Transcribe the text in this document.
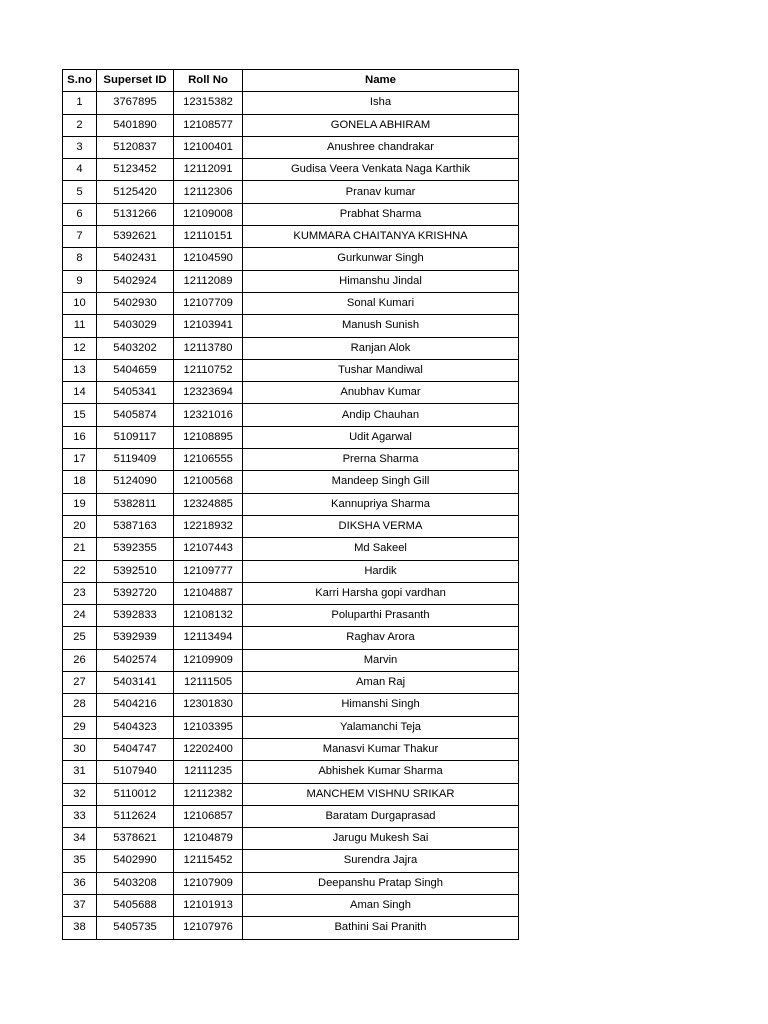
S.no	Superset ID	Roll No	Name
1	3767895	12315382	Isha
2	5401890	12108577	GONELA ABHIRAM
3	5120837	12100401	Anushree chandrakar
4	5123452	12112091	Gudisa Veera Venkata Naga Karthik
5	5125420	12112306	Pranav kumar
6	5131266	12109008	Prabhat Sharma
7	5392621	12110151	KUMMARA CHAITANYA KRISHNA
8	5402431	12104590	Gurkunwar Singh
9	5402924	12112089	Himanshu Jindal
10	5402930	12107709	Sonal Kumari
11	5403029	12103941	Manush Sunish
12	5403202	12113780	Ranjan Alok
13	5404659	12110752	Tushar Mandiwal
14	5405341	12323694	Anubhav Kumar
15	5405874	12321016	Andip Chauhan
16	5109117	12108895	Udit Agarwal
17	5119409	12106555	Prerna Sharma
18	5124090	12100568	Mandeep Singh Gill
19	5382811	12324885	Kannupriya Sharma
20	5387163	12218932	DIKSHA VERMA
21	5392355	12107443	Md Sakeel
22	5392510	12109777	Hardik
23	5392720	12104887	Karri Harsha gopi vardhan
24	5392833	12108132	Poluparthi Prasanth
25	5392939	12113494	Raghav Arora
26	5402574	12109909	Marvin
27	5403141	12111505	Aman Raj
28	5404216	12301830	Himanshi Singh
29	5404323	12103395	Yalamanchi Teja
30	5404747	12202400	Manasvi Kumar Thakur
31	5107940	12111235	Abhishek Kumar Sharma
32	5110012	12112382	MANCHEM VISHNU SRIKAR
33	5112624	12106857	Baratam Durgaprasad
34	5378621	12104879	Jarugu Mukesh Sai
35	5402990	12115452	Surendra Jajra
36	5403208	12107909	Deepanshu Pratap Singh
37	5405688	12101913	Aman Singh
38	5405735	12107976	Bathini Sai Pranith
